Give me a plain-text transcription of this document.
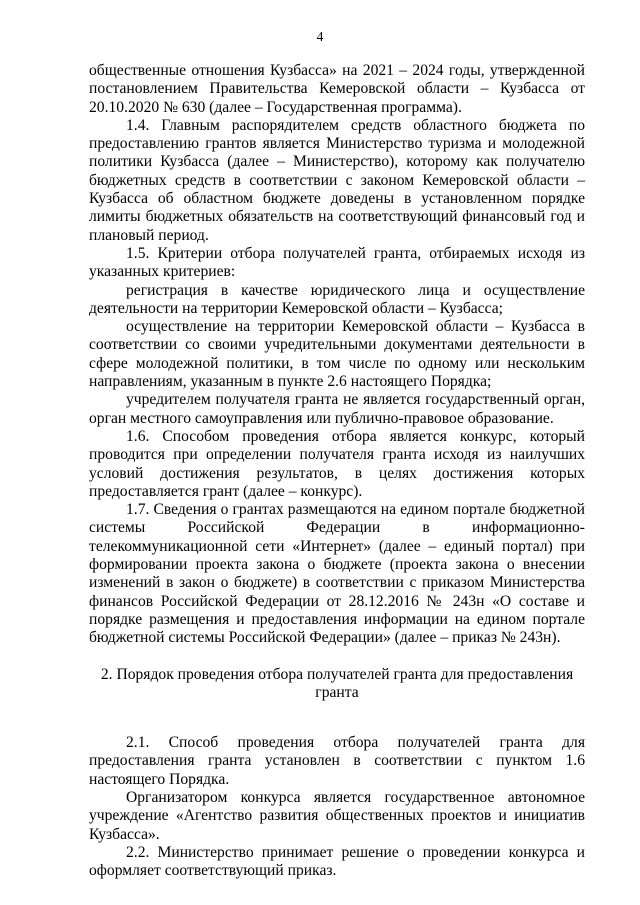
4

общественные отношения Кузбасса» на 2021 – 2024 годы, утвержденной постановлением Правительства Кемеровской области – Кузбасса от 20.10.2020 № 630 (далее – Государственная программа).

1.4. Главным распорядителем средств областного бюджета по предоставлению грантов является Министерство туризма и молодежной политики Кузбасса (далее – Министерство), которому как получателю бюджетных средств в соответствии с законом Кемеровской области – Кузбасса об областном бюджете доведены в установленном порядке лимиты бюджетных обязательств на соответствующий финансовый год и плановый период.

1.5. Критерии отбора получателей гранта, отбираемых исходя из указанных критериев:

регистрация в качестве юридического лица и осуществление деятельности на территории Кемеровской области – Кузбасса;

осуществление на территории Кемеровской области – Кузбасса в соответствии со своими учредительными документами деятельности в сфере молодежной политики, в том числе по одному или нескольким направлениям, указанным в пункте 2.6 настоящего Порядка;

учредителем получателя гранта не является государственный орган, орган местного самоуправления или публично-правовое образование.

1.6. Способом проведения отбора является конкурс, который проводится при определении получателя гранта исходя из наилучших условий достижения результатов, в целях достижения которых предоставляется грант (далее – конкурс).

1.7. Сведения о грантах размещаются на едином портале бюджетной системы Российской Федерации в информационно-телекоммуникационной сети «Интернет» (далее – единый портал) при формировании проекта закона о бюджете (проекта закона о внесении изменений в закон о бюджете) в соответствии с приказом Министерства финансов Российской Федерации от 28.12.2016 № 243н «О составе и порядке размещения и предоставления информации на едином портале бюджетной системы Российской Федерации» (далее – приказ № 243н).

2. Порядок проведения отбора получателей гранта для предоставления гранта

2.1. Способ проведения отбора получателей гранта для предоставления гранта установлен в соответствии с пунктом 1.6 настоящего Порядка.

Организатором конкурса является государственное автономное учреждение «Агентство развития общественных проектов и инициатив Кузбасса».

2.2. Министерство принимает решение о проведении конкурса и оформляет соответствующий приказ.
